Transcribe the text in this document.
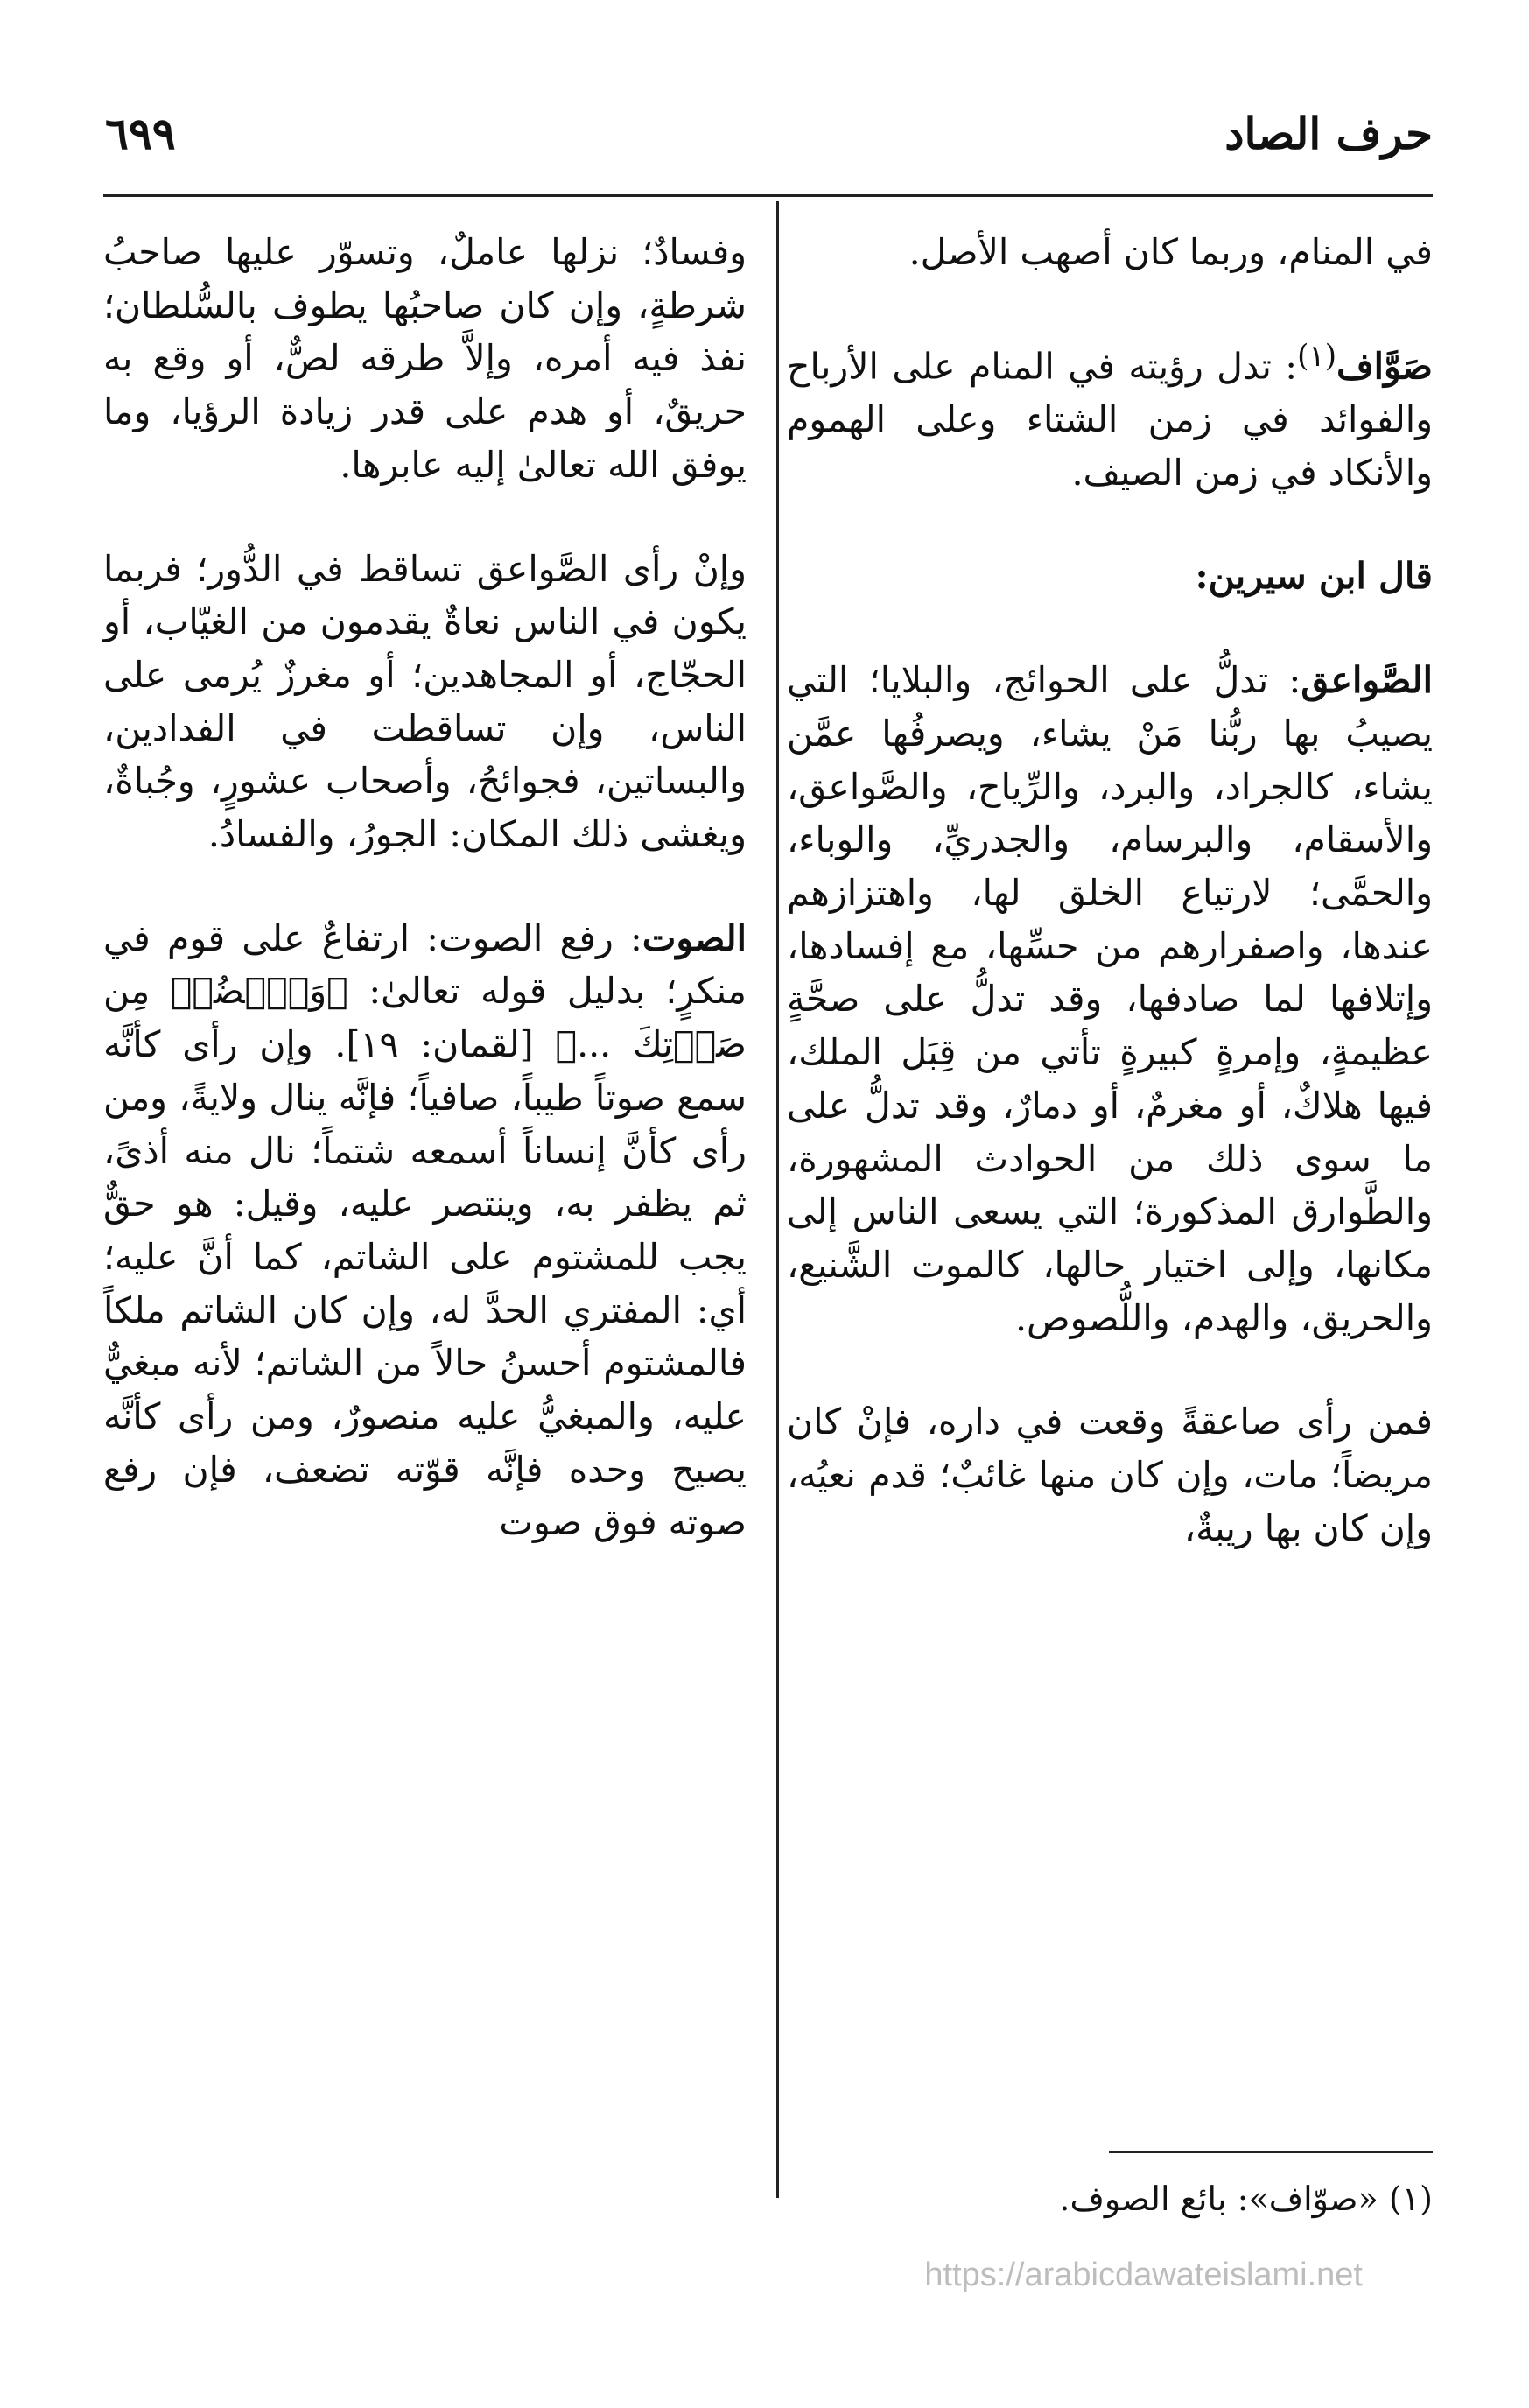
حرف الصاد
٦٩٩

في المنام، وربما كان أصهب الأصل.

صَوَّاف$^{(١)}$: تدل رؤيته في المنام على الأرباح والفوائد في زمن الشتاء وعلى الهموم والأنكاد في زمن الصيف.

قال ابن سيرين:

الصَّواعق: تدلُّ على الحوائج، والبلايا؛ التي يصيبُ بها ربُّنا مَنْ يشاء، ويصرفُها عمَّن يشاء، كالجراد، والبرد، والرِّياح، والصَّواعق، والأسقام، والبرسام، والجدريِّ، والوباء، والحمَّى؛ لارتياع الخلق لها، واهتزازهم عندها، واصفرارهم من حسِّها، مع إفسادها، وإتلافها لما صادفها، وقد تدلُّ على صحَّةٍ عظيمةٍ، وإمرةٍ كبيرةٍ تأتي من قِبَل الملك، فيها هلاكٌ، أو مغرمٌ، أو دمارٌ، وقد تدلُّ على ما سوى ذلك من الحوادث المشهورة، والطَّوارق المذكورة؛ التي يسعى الناس إلى مكانها، وإلى اختيار حالها، كالموت الشَّنيع، والحريق، والهدم، واللُّصوص.

فمن رأى صاعقةً وقعت في داره، فإنْ كان مريضاً؛ مات، وإن كان منها غائبٌ؛ قدم نعيُه، وإن كان بها ريبةٌ،

وفسادٌ؛ نزلها عاملٌ، وتسوّر عليها صاحبُ شرطةٍ، وإن كان صاحبُها يطوف بالسُّلطان؛ نفذ فيه أمره، وإلاَّ طرقه لصٌّ، أو وقع به حريقٌ، أو هدم على قدر زيادة الرؤيا، وما يوفق الله تعالىٰ إليه عابرها.

وإنْ رأى الصَّواعق تساقط في الدُّور؛ فربما يكون في الناس نعاةٌ يقدمون من الغيّاب، أو الحجّاج، أو المجاهدين؛ أو مغرزٌ يُرمى على الناس، وإن تساقطت في الفدادين، والبساتين، فجوائحُ، وأصحاب عشورٍ، وجُباةٌ، ويغشى ذلك المكان: الجورُ، والفسادُ.

الصوت: رفع الصوت: ارتفاعٌ على قوم في منكرٍ؛ بدليل قوله تعالىٰ: ﴿وَٱغۡضُضۡ مِن صَوۡتِكَ ...﴾ [لقمان: ١٩]. وإن رأى كأنَّه سمع صوتاً طيباً، صافياً؛ فإنَّه ينال ولايةً، ومن رأى كأنَّ إنساناً أسمعه شتماً؛ نال منه أذىً، ثم يظفر به، وينتصر عليه، وقيل: هو حقٌّ يجب للمشتوم على الشاتم، كما أنَّ عليه؛ أي: المفتري الحدَّ له، وإن كان الشاتم ملكاً فالمشتوم أحسنُ حالاً من الشاتم؛ لأنه مبغيٌّ عليه، والمبغيُّ عليه منصورٌ، ومن رأى كأنَّه يصيح وحده فإنَّه قوّته تضعف، فإن رفع صوته فوق صوت

(١) «صوّاف»: بائع الصوف.
https://arabicdawateislami.net
